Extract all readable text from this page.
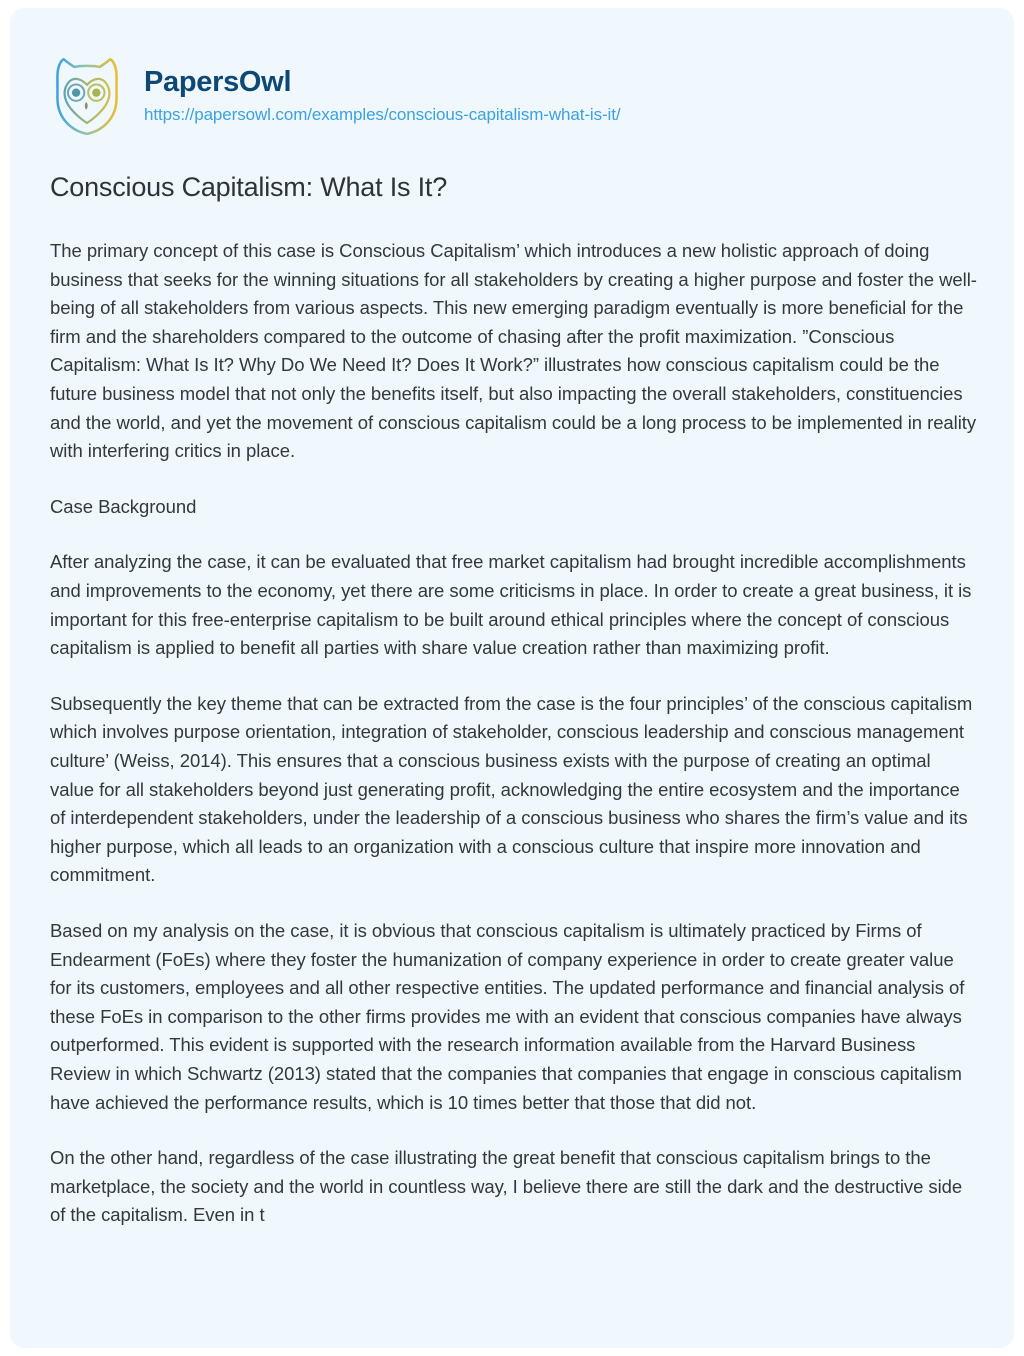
PapersOwl
https://papersowl.com/examples/conscious-capitalism-what-is-it/
Conscious Capitalism: What Is It?

The primary concept of this case is Conscious Capitalism’ which introduces a new holistic approach of doing business that seeks for the winning situations for all stakeholders by creating a higher purpose and foster the well-being of all stakeholders from various aspects. This new emerging paradigm eventually is more beneficial for the firm and the shareholders compared to the outcome of chasing after the profit maximization. ”Conscious Capitalism: What Is It? Why Do We Need It? Does It Work?” illustrates how conscious capitalism could be the future business model that not only the benefits itself, but also impacting the overall stakeholders, constituencies and the world, and yet the movement of conscious capitalism could be a long process to be implemented in reality with interfering critics in place.

Case Background

After analyzing the case, it can be evaluated that free market capitalism had brought incredible accomplishments and improvements to the economy, yet there are some criticisms in place. In order to create a great business, it is important for this free-enterprise capitalism to be built around ethical principles where the concept of conscious capitalism is applied to benefit all parties with share value creation rather than maximizing profit.

Subsequently the key theme that can be extracted from the case is the four principles’ of the conscious capitalism which involves purpose orientation, integration of stakeholder, conscious leadership and conscious management culture’ (Weiss, 2014). This ensures that a conscious business exists with the purpose of creating an optimal value for all stakeholders beyond just generating profit, acknowledging the entire ecosystem and the importance of interdependent stakeholders, under the leadership of a conscious business who shares the firm’s value and its higher purpose, which all leads to an organization with a conscious culture that inspire more innovation and commitment.

Based on my analysis on the case, it is obvious that conscious capitalism is ultimately practiced by Firms of Endearment (FoEs) where they foster the humanization of company experience in order to create greater value for its customers, employees and all other respective entities. The updated performance and financial analysis of these FoEs in comparison to the other firms provides me with an evident that conscious companies have always outperformed. This evident is supported with the research information available from the Harvard Business Review in which Schwartz (2013) stated that the companies that companies that engage in conscious capitalism have achieved the performance results, which is 10 times better that those that did not.

On the other hand, regardless of the case illustrating the great benefit that conscious capitalism brings to the marketplace, the society and the world in countless way, I believe there are still the dark and the destructive side of the capitalism. Even in t
